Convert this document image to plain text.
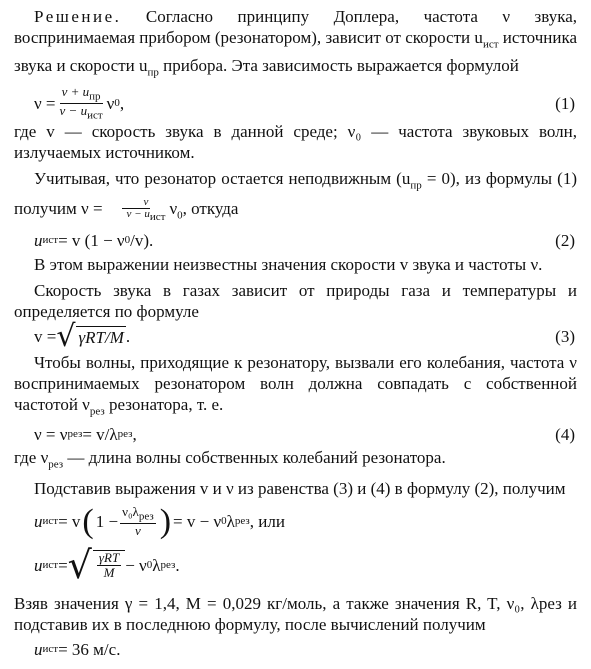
Решение. Согласно принципу Доплера, частота ν звука, воспринимаемая прибором (резонатором), зависит от скорости $u_{ист}$ источника звука и скорости $u_{пр}$ прибора. Эта зависимость выражается формулой

$\nu = \frac{v + u_{пр}}{v - u_{ист}}$ ν 0 ,	(1)

где v — скорость звука в данной среде; ν₀ — частота звуковых волн, излучаемых источником.

Учитывая, что резонатор остается неподвижным $(u_{пр} = 0)$, из формулы (1) получим $\nu = \frac{v}{v - u_{ист}} \nu_0$, откуда

u ист = v (1 − ν 0 /v).	(2)

В этом выражении неизвестны значения скорости v звука и частоты ν.

Скорость звука в газах зависит от природы газа и температуры и определяется по формуле

v = √ γRT/M .	(3)

Чтобы волны, приходящие к резонатору, вызвали его колебания, частота ν воспринимаемых резонатором волн должна совпадать с собственной частотой $\nu_{рез}$ резонатора, т. е.

ν = ν рез = v/λ рез ,	(4)

где $\nu_{рез}$ — длина волны собственных колебаний резонатора.

Подставив выражения v и ν из равенства (3) и (4) в формулу (2), получим

u ист = v ( $1 - \frac{\nu_0\lambda_{рез}}{v}$ ) = v − ν 0 λ рез , или
u ист = √ $\frac{\text{γRT}}{M} - \nu$ 0 λ рез .

Взяв значения γ = 1,4, M = 0,029 кг/моль, а также значения R, T, ν₀, λрез и подставив их в последнюю формулу, после вычислений получим

u ист = 36 м/с.
